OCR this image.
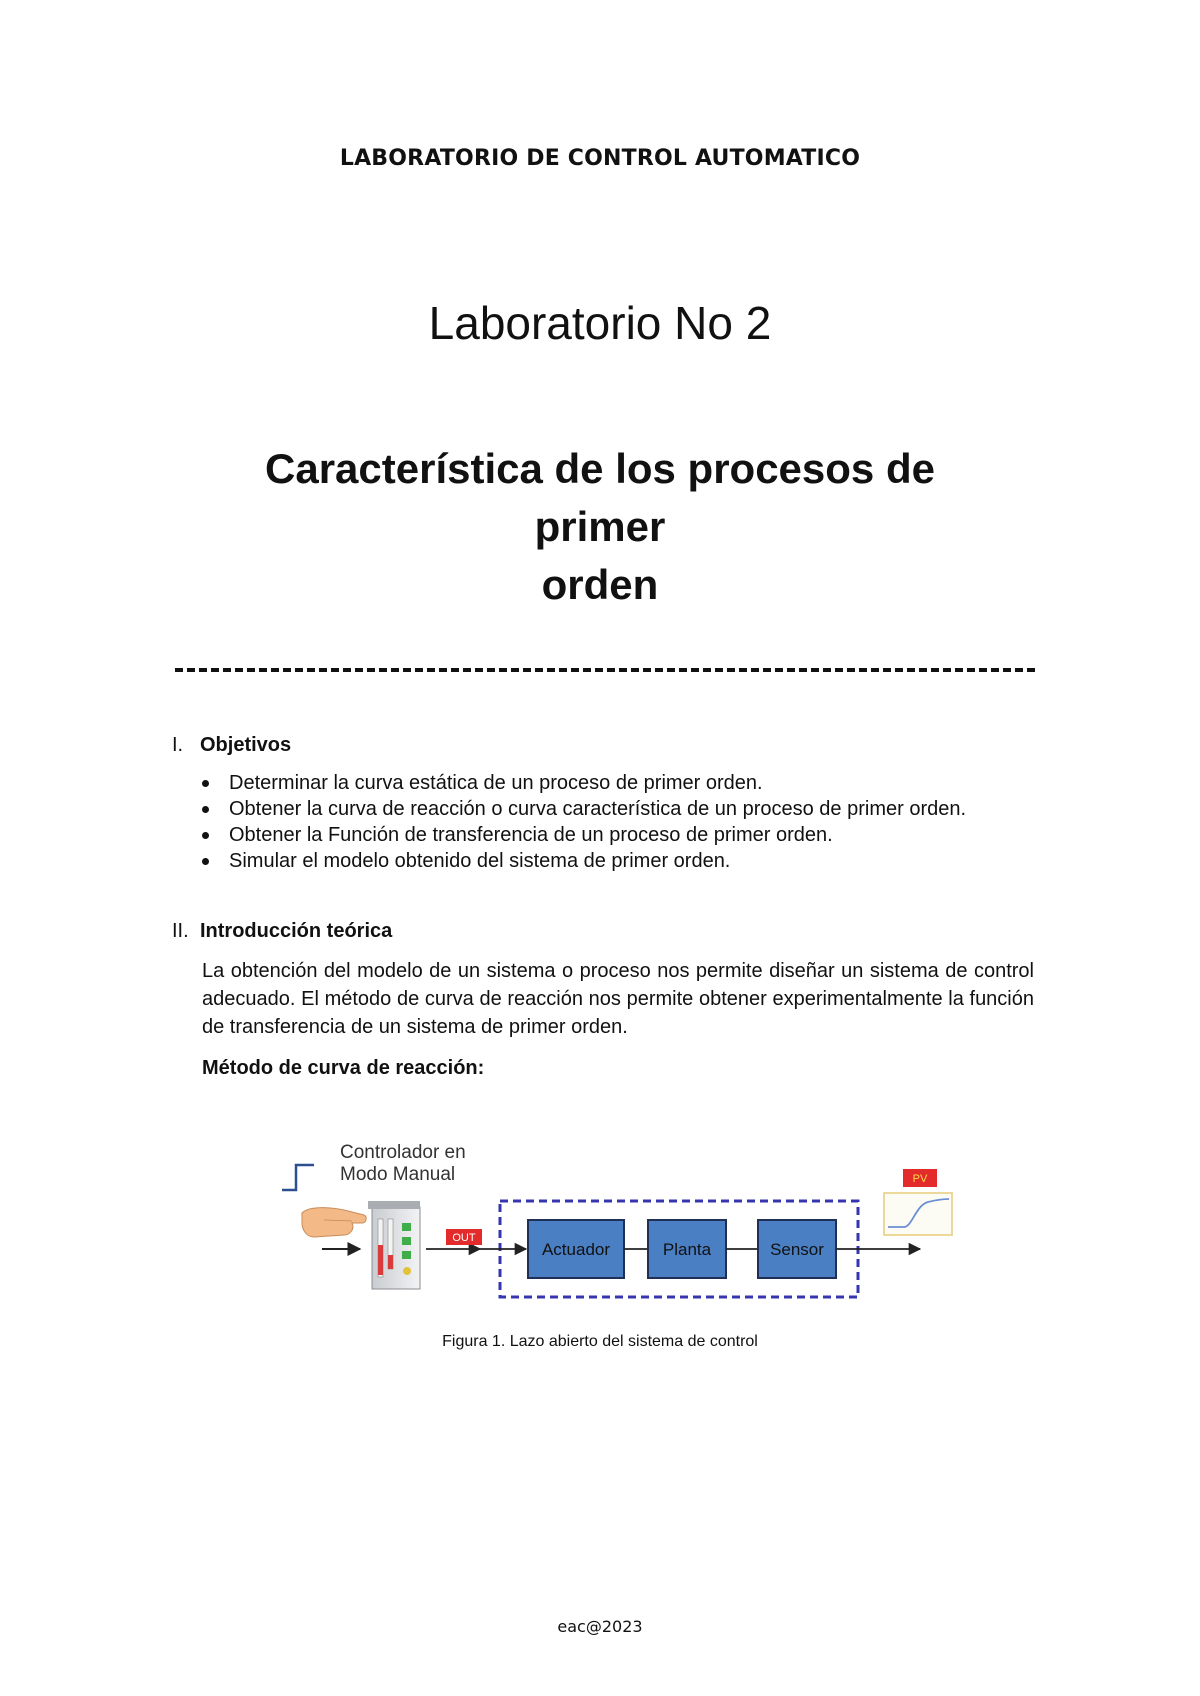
LABORATORIO DE CONTROL AUTOMATICO
Laboratorio No 2
Característica de los procesos de primer
orden
I. Objetivos
Determinar la curva estática de un proceso de primer orden.
Obtener la curva de reacción o curva característica de un proceso de primer orden.
Obtener la Función de transferencia de un proceso de primer orden.
Simular el modelo obtenido del sistema de primer orden.
II. Introducción teórica
La obtención del modelo de un sistema o proceso nos permite diseñar un sistema de control adecuado. El método de curva de reacción nos permite obtener experimentalmente la función de transferencia de un sistema de primer orden.
Método de curva de reacción:
Controlador en
Modo Manual
OUT
Actuador	Planta	Sensor
PV
Figura 1. Lazo abierto del sistema de control
eac@2023
